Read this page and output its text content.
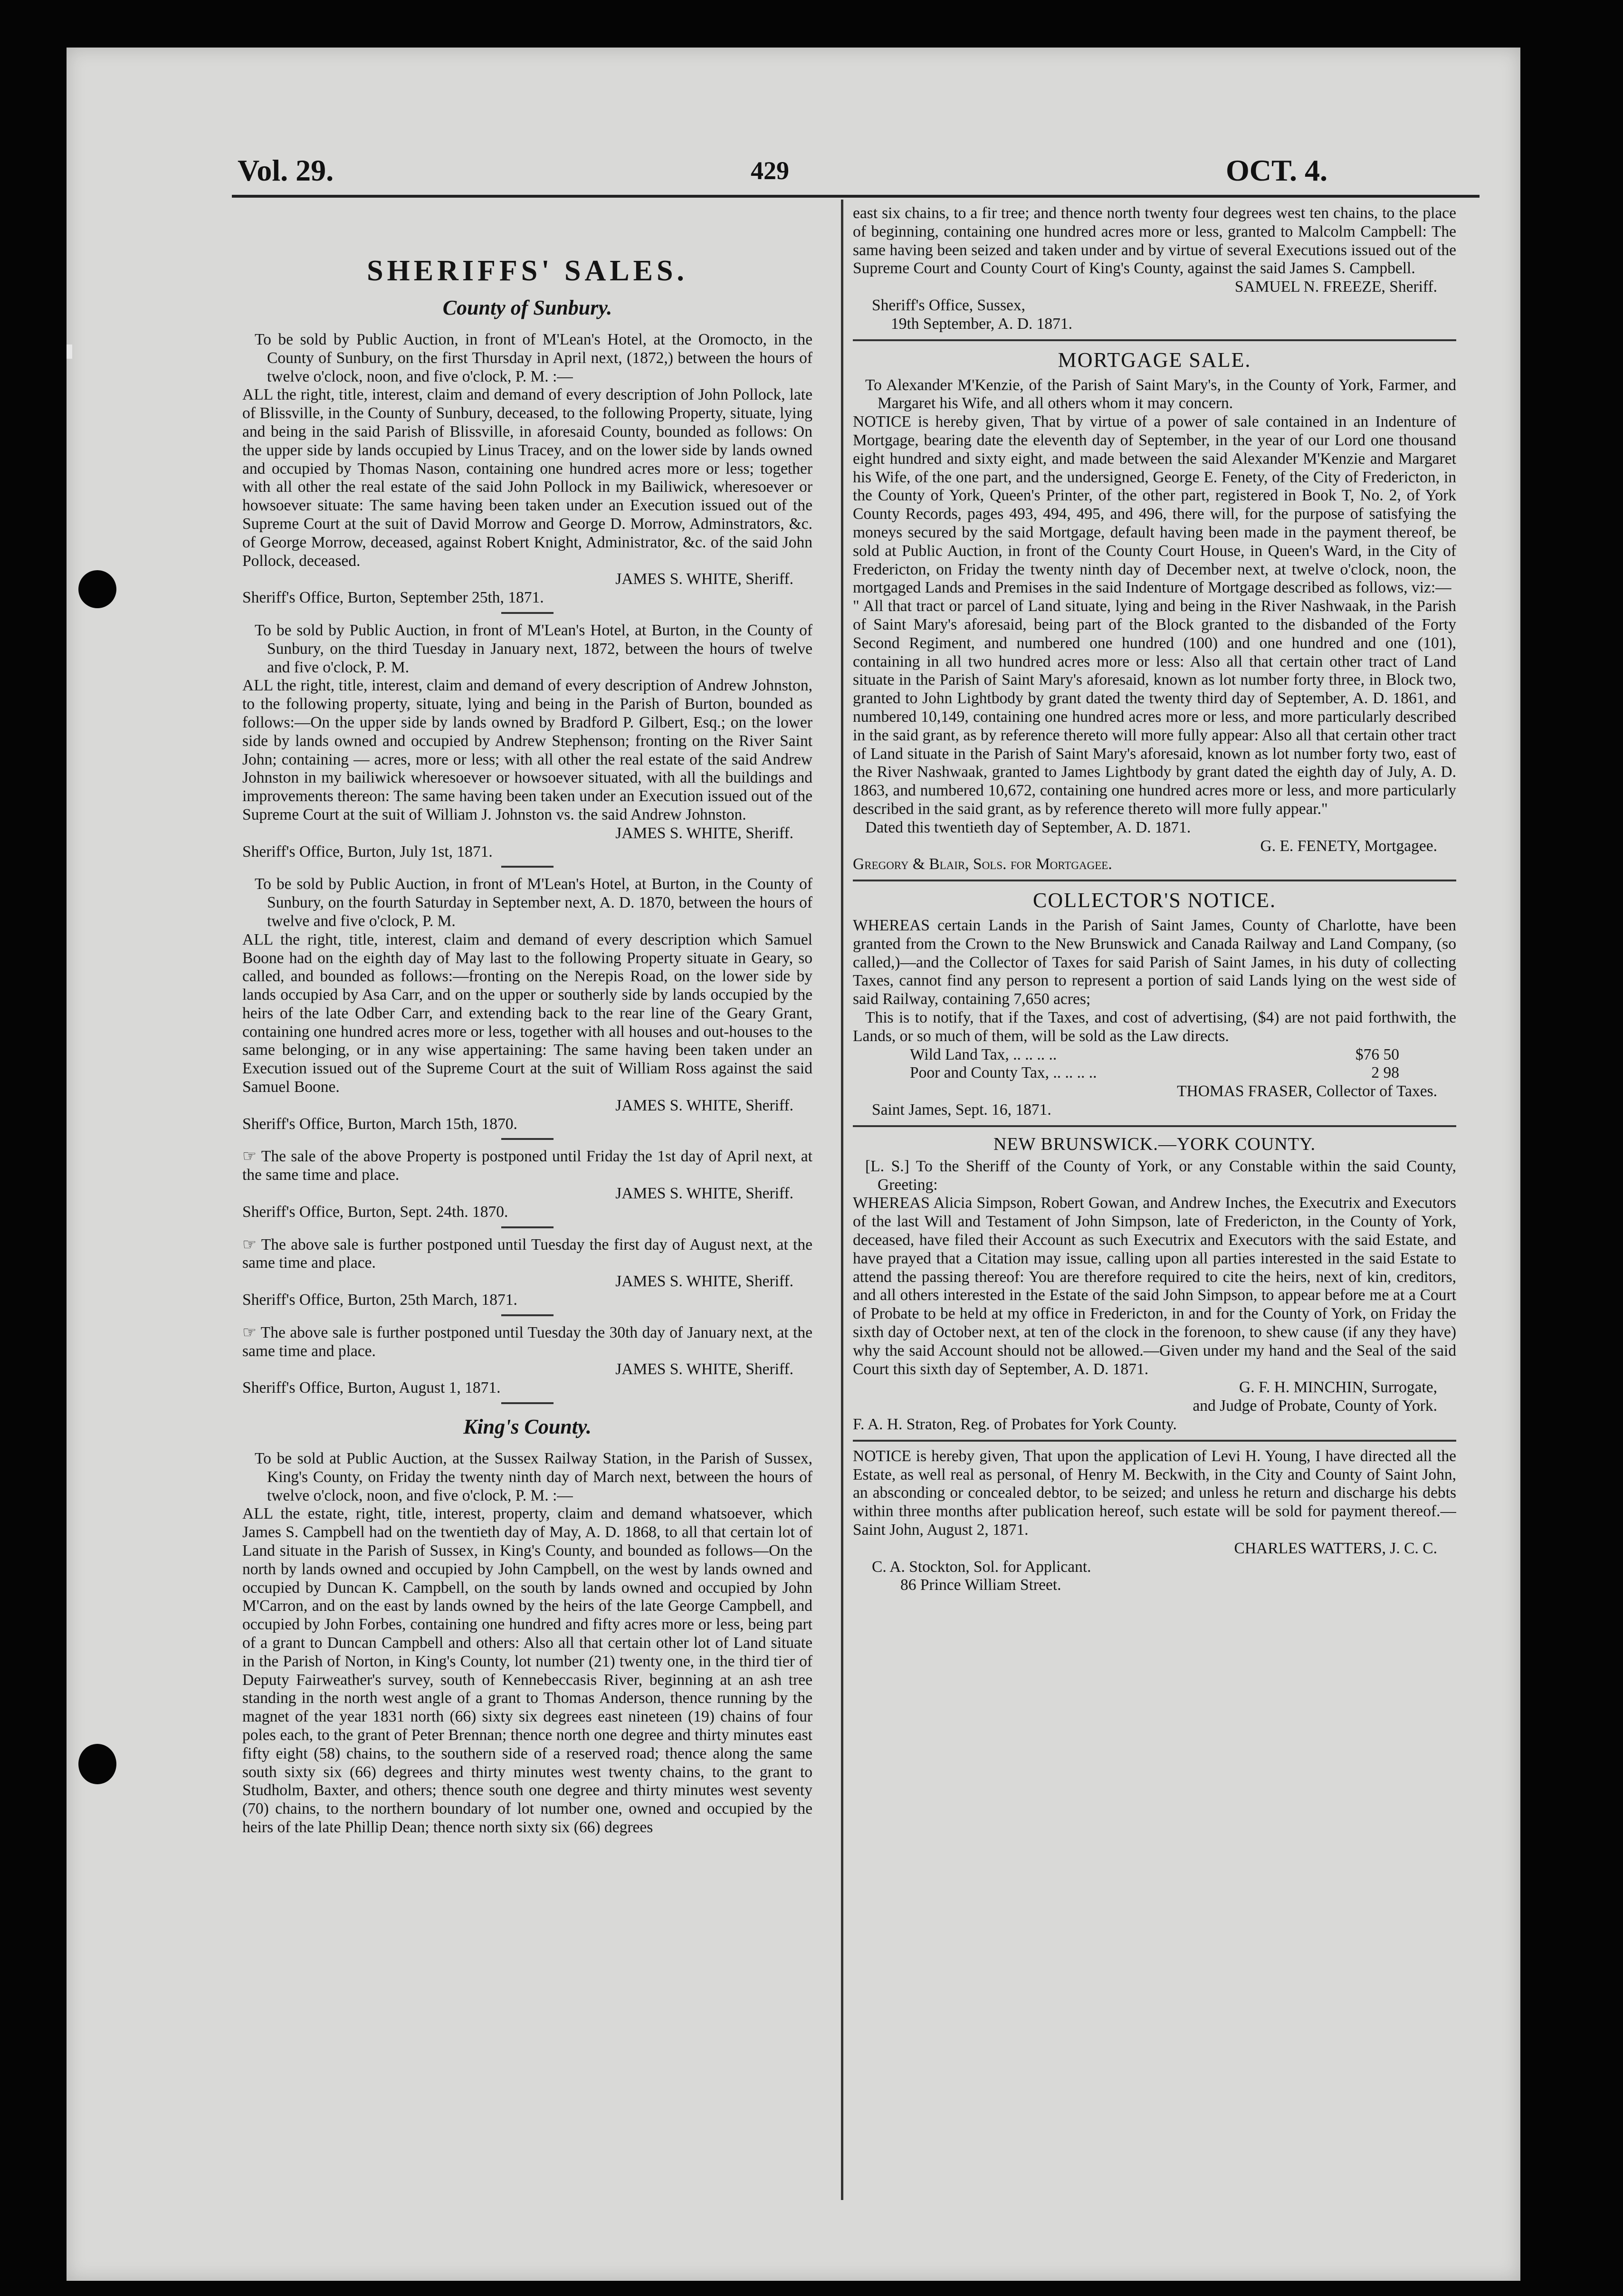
Vol. 29.	429	OCT. 4.

SHERIFFS' SALES.

County of Sunbury.

To be sold by Public Auction, in front of M'Lean's Hotel, at the Oromocto, in the County of Sunbury, on the first Thursday in April next, (1872,) between the hours of twelve o'clock, noon, and five o'clock, P. M. :—

ALL the right, title, interest, claim and demand of every description of John Pollock, late of Blissville, in the County of Sunbury, deceased, to the following Property, situate, lying and being in the said Parish of Blissville, in aforesaid County, bounded as follows: On the upper side by lands occupied by Linus Tracey, and on the lower side by lands owned and occupied by Thomas Nason, containing one hundred acres more or less; together with all other the real estate of the said John Pollock in my Bailiwick, wheresoever or howsoever situate: The same having been taken under an Execution issued out of the Supreme Court at the suit of David Morrow and George D. Morrow, Adminstrators, &c. of George Morrow, deceased, against Robert Knight, Administrator, &c. of the said John Pollock, deceased.

JAMES S. WHITE, Sheriff.

Sheriff's Office, Burton, September 25th, 1871.

To be sold by Public Auction, in front of M'Lean's Hotel, at Burton, in the County of Sunbury, on the third Tuesday in January next, 1872, between the hours of twelve and five o'clock, P. M.

ALL the right, title, interest, claim and demand of every description of Andrew Johnston, to the following property, situate, lying and being in the Parish of Burton, bounded as follows:—On the upper side by lands owned by Bradford P. Gilbert, Esq.; on the lower side by lands owned and occupied by Andrew Stephenson; fronting on the River Saint John; containing — acres, more or less; with all other the real estate of the said Andrew Johnston in my bailiwick wheresoever or howsoever situated, with all the buildings and improvements thereon: The same having been taken under an Execution issued out of the Supreme Court at the suit of William J. Johnston vs. the said Andrew Johnston.

JAMES S. WHITE, Sheriff.

Sheriff's Office, Burton, July 1st, 1871.

To be sold by Public Auction, in front of M'Lean's Hotel, at Burton, in the County of Sunbury, on the fourth Saturday in September next, A. D. 1870, between the hours of twelve and five o'clock, P. M.

ALL the right, title, interest, claim and demand of every description which Samuel Boone had on the eighth day of May last to the following Property situate in Geary, so called, and bounded as follows:—fronting on the Nerepis Road, on the lower side by lands occupied by Asa Carr, and on the upper or southerly side by lands occupied by the heirs of the late Odber Carr, and extending back to the rear line of the Geary Grant, containing one hundred acres more or less, together with all houses and out-houses to the same belonging, or in any wise appertaining: The same having been taken under an Execution issued out of the Supreme Court at the suit of William Ross against the said Samuel Boone.

JAMES S. WHITE, Sheriff.

Sheriff's Office, Burton, March 15th, 1870.

☞ The sale of the above Property is postponed until Friday the 1st day of April next, at the same time and place.

JAMES S. WHITE, Sheriff.

Sheriff's Office, Burton, Sept. 24th. 1870.

☞ The above sale is further postponed until Tuesday the first day of August next, at the same time and place.

JAMES S. WHITE, Sheriff.

Sheriff's Office, Burton, 25th March, 1871.

☞ The above sale is further postponed until Tuesday the 30th day of January next, at the same time and place.

JAMES S. WHITE, Sheriff.

Sheriff's Office, Burton, August 1, 1871.

King's County.

To be sold at Public Auction, at the Sussex Railway Station, in the Parish of Sussex, King's County, on Friday the twenty ninth day of March next, between the hours of twelve o'clock, noon, and five o'clock, P. M. :—

ALL the estate, right, title, interest, property, claim and demand whatsoever, which James S. Campbell had on the twentieth day of May, A. D. 1868, to all that certain lot of Land situate in the Parish of Sussex, in King's County, and bounded as follows—On the north by lands owned and occupied by John Campbell, on the west by lands owned and occupied by Duncan K. Campbell, on the south by lands owned and occupied by John M'Carron, and on the east by lands owned by the heirs of the late George Campbell, and occupied by John Forbes, containing one hundred and fifty acres more or less, being part of a grant to Duncan Campbell and others: Also all that certain other lot of Land situate in the Parish of Norton, in King's County, lot number (21) twenty one, in the third tier of Deputy Fairweather's survey, south of Kennebeccasis River, beginning at an ash tree standing in the north west angle of a grant to Thomas Anderson, thence running by the magnet of the year 1831 north (66) sixty six degrees east nineteen (19) chains of four poles each, to the grant of Peter Brennan; thence north one degree and thirty minutes east fifty eight (58) chains, to the southern side of a reserved road; thence along the same south sixty six (66) degrees and thirty minutes west twenty chains, to the grant to Studholm, Baxter, and others; thence south one degree and thirty minutes west seventy (70) chains, to the northern boundary of lot number one, owned and occupied by the heirs of the late Phillip Dean; thence north sixty six (66) degrees

east six chains, to a fir tree; and thence north twenty four degrees west ten chains, to the place of beginning, containing one hundred acres more or less, granted to Malcolm Campbell: The same having been seized and taken under and by virtue of several Executions issued out of the Supreme Court and County Court of King's County, against the said James S. Campbell.

SAMUEL N. FREEZE, Sheriff.

Sheriff's Office, Sussex,

19th September, A. D. 1871.

MORTGAGE SALE.

To Alexander M'Kenzie, of the Parish of Saint Mary's, in the County of York, Farmer, and Margaret his Wife, and all others whom it may concern.

NOTICE is hereby given, That by virtue of a power of sale contained in an Indenture of Mortgage, bearing date the eleventh day of September, in the year of our Lord one thousand eight hundred and sixty eight, and made between the said Alexander M'Kenzie and Margaret his Wife, of the one part, and the undersigned, George E. Fenety, of the City of Fredericton, in the County of York, Queen's Printer, of the other part, registered in Book T, No. 2, of York County Records, pages 493, 494, 495, and 496, there will, for the purpose of satisfying the moneys secured by the said Mortgage, default having been made in the payment thereof, be sold at Public Auction, in front of the County Court House, in Queen's Ward, in the City of Fredericton, on Friday the twenty ninth day of December next, at twelve o'clock, noon, the mortgaged Lands and Premises in the said Indenture of Mortgage described as follows, viz:—

" All that tract or parcel of Land situate, lying and being in the River Nashwaak, in the Parish of Saint Mary's aforesaid, being part of the Block granted to the disbanded of the Forty Second Regiment, and numbered one hundred (100) and one hundred and one (101), containing in all two hundred acres more or less: Also all that certain other tract of Land situate in the Parish of Saint Mary's aforesaid, known as lot number forty three, in Block two, granted to John Lightbody by grant dated the twenty third day of September, A. D. 1861, and numbered 10,149, containing one hundred acres more or less, and more particularly described in the said grant, as by reference thereto will more fully appear: Also all that certain other tract of Land situate in the Parish of Saint Mary's aforesaid, known as lot number forty two, east of the River Nashwaak, granted to James Lightbody by grant dated the eighth day of July, A. D. 1863, and numbered 10,672, containing one hundred acres more or less, and more particularly described in the said grant, as by reference thereto will more fully appear."

Dated this twentieth day of September, A. D. 1871.

G. E. FENETY, Mortgagee.

Gregory & Blair, Sols. for Mortgagee.

COLLECTOR'S NOTICE.

WHEREAS certain Lands in the Parish of Saint James, County of Charlotte, have been granted from the Crown to the New Brunswick and Canada Railway and Land Company, (so called,)—and the Collector of Taxes for said Parish of Saint James, in his duty of collecting Taxes, cannot find any person to represent a portion of said Lands lying on the west side of said Railway, containing 7,650 acres;

This is to notify, that if the Taxes, and cost of advertising, ($4) are not paid forthwith, the Lands, or so much of them, will be sold as the Law directs.

Wild Land Tax, .. .. .. ..	$76 50
Poor and County Tax, .. .. .. ..	2 98

THOMAS FRASER, Collector of Taxes.

Saint James, Sept. 16, 1871.

NEW BRUNSWICK.—YORK COUNTY.

[L. S.] To the Sheriff of the County of York, or any Constable within the said County, Greeting:

WHEREAS Alicia Simpson, Robert Gowan, and Andrew Inches, the Executrix and Executors of the last Will and Testament of John Simpson, late of Fredericton, in the County of York, deceased, have filed their Account as such Executrix and Executors with the said Estate, and have prayed that a Citation may issue, calling upon all parties interested in the said Estate to attend the passing thereof: You are therefore required to cite the heirs, next of kin, creditors, and all others interested in the Estate of the said John Simpson, to appear before me at a Court of Probate to be held at my office in Fredericton, in and for the County of York, on Friday the sixth day of October next, at ten of the clock in the forenoon, to shew cause (if any they have) why the said Account should not be allowed.—Given under my hand and the Seal of the said Court this sixth day of September, A. D. 1871.

G. F. H. MINCHIN, Surrogate,

and Judge of Probate, County of York.

F. A. H. Straton, Reg. of Probates for York County.

NOTICE is hereby given, That upon the application of Levi H. Young, I have directed all the Estate, as well real as personal, of Henry M. Beckwith, in the City and County of Saint John, an absconding or concealed debtor, to be seized; and unless he return and discharge his debts within three months after publication hereof, such estate will be sold for payment thereof.— Saint John, August 2, 1871.

CHARLES WATTERS, J. C. C.

C. A. Stockton, Sol. for Applicant.

86 Prince William Street.
